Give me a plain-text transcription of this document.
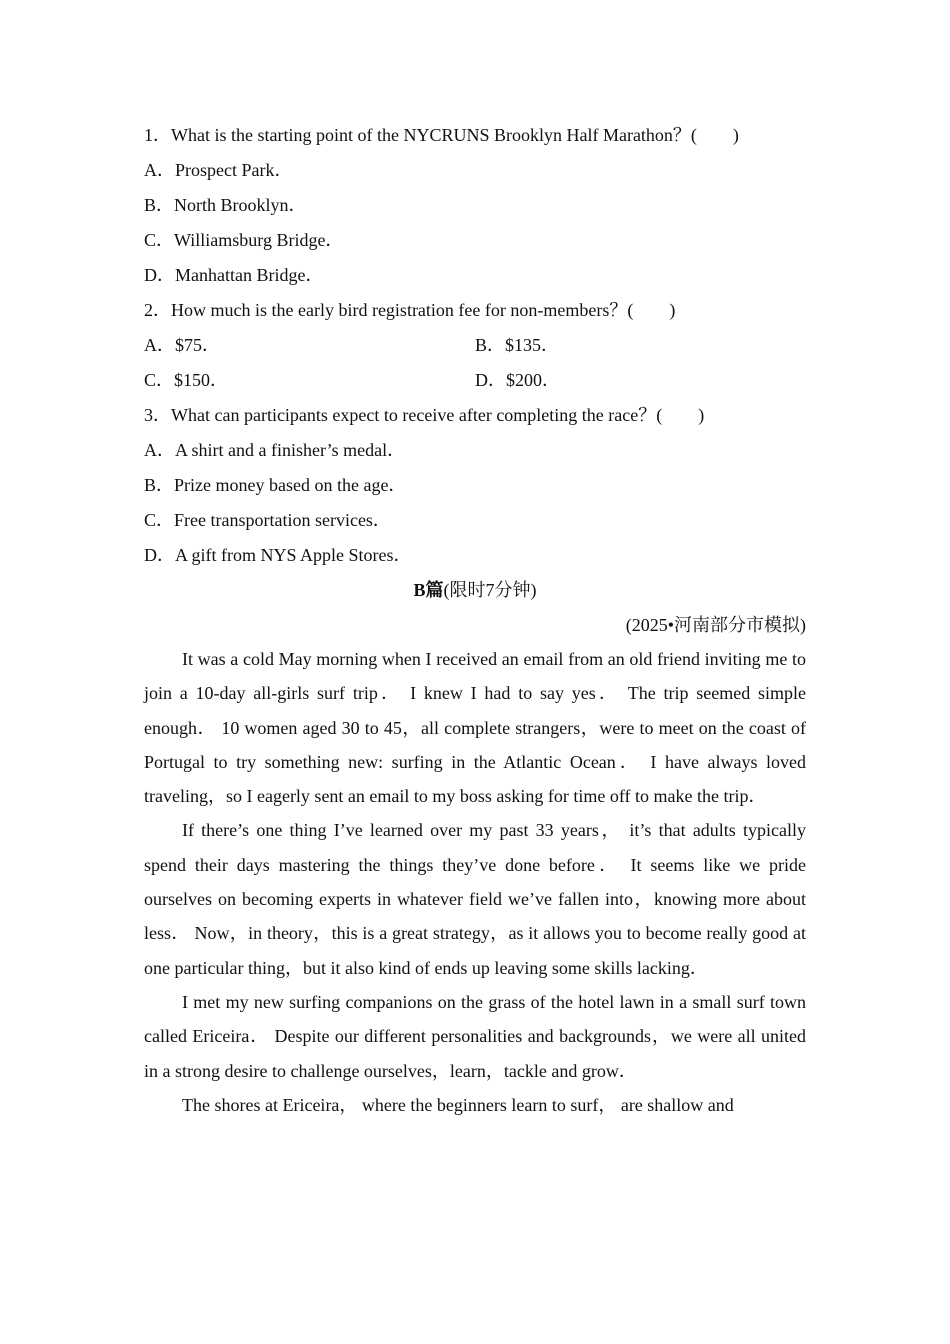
1．What is the starting point of the NYCRUNS Brooklyn Half Marathon？(　　)
A．Prospect Park．
B．North Brooklyn．
C．Williamsburg Bridge．
D．Manhattan Bridge．
2．How much is the early bird registration fee for non-members？(　　)
A．$75．	B．$135．
C．$150．	D．$200．
3．What can participants expect to receive after completing the race？(　　)
A．A shirt and a finisher’s medal．
B．Prize money based on the age．
C．Free transportation services．
D．A gift from NYS Apple Stores．
B篇(限时7分钟)
(2025•河南部分市模拟)

It was a cold May morning when I received an email from an old friend inviting me to join a 10-day all-girls surf trip． I knew I had to say yes． The trip seemed simple enough． 10 women aged 30 to 45，all complete strangers，were to meet on the coast of Portugal to try something new: surfing in the Atlantic Ocean． I have always loved traveling，so I eagerly sent an email to my boss asking for time off to make the trip．

If there’s one thing I’ve learned over my past 33 years， it’s that adults typically spend their days mastering the things they’ve done before． It seems like we pride ourselves on becoming experts in whatever field we’ve fallen into，knowing more about less． Now，in theory，this is a great strategy，as it allows you to become really good at one particular thing，but it also kind of ends up leaving some skills lacking．

I met my new surfing companions on the grass of the hotel lawn in a small surf town called Ericeira． Despite our different personalities and backgrounds，we were all united in a strong desire to challenge ourselves，learn，tackle and grow．

The shores at Ericeira， where the beginners learn to surf， are shallow and
